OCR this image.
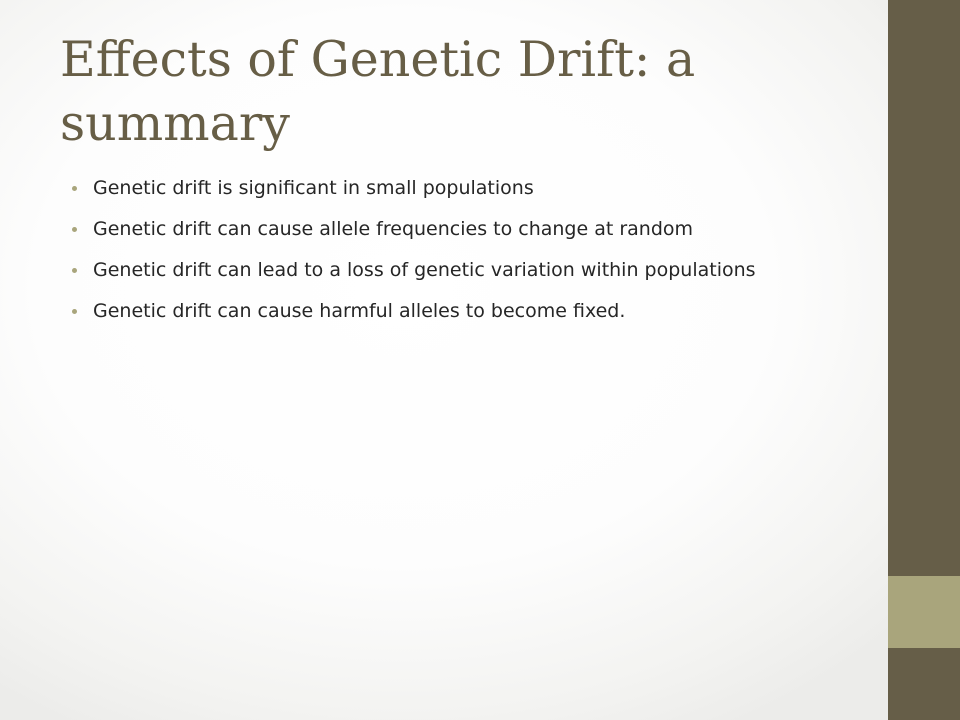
Effects of Genetic Drift: a summary
Genetic drift is significant in small populations
Genetic drift can cause allele frequencies to change at random
Genetic drift can lead to a loss of genetic variation within populations
Genetic drift can cause harmful alleles to become fixed.
